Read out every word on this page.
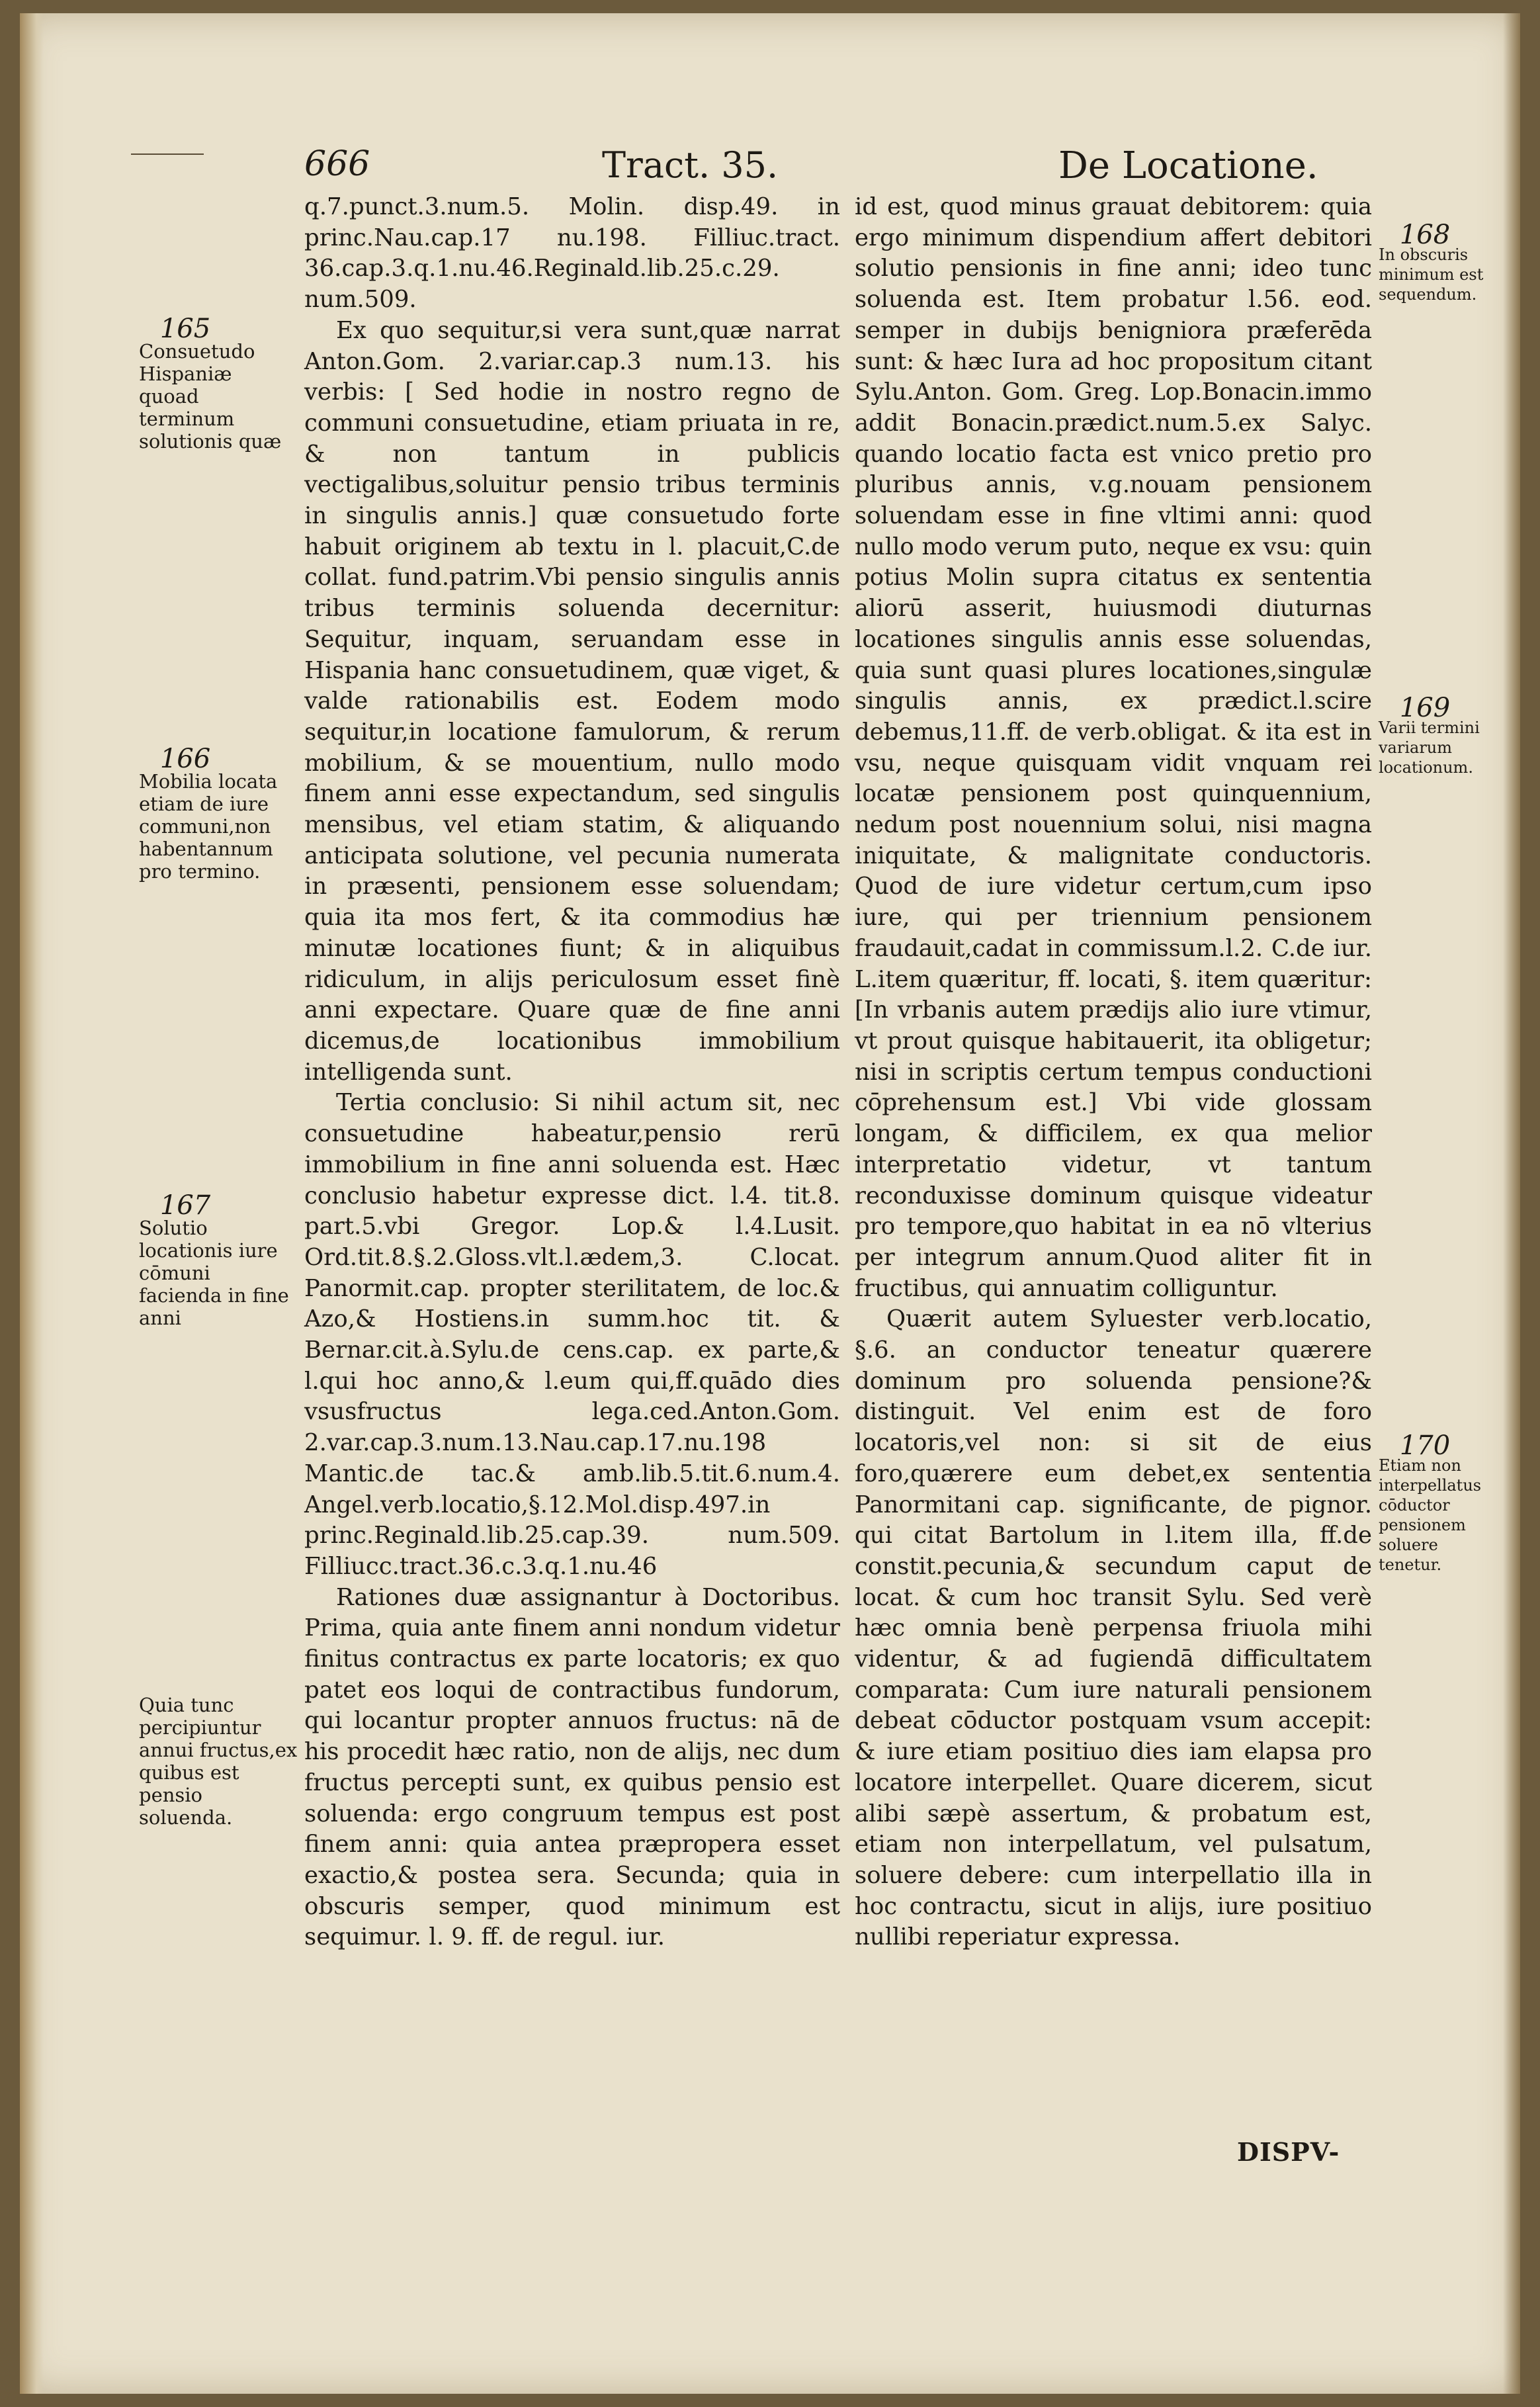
666	Tract. 35.	De Locatione.

q.7.punct.3.num.5. Molin. disp.49. in princ.Nau.cap.17 nu.198. Filliuc.tract. 36.cap.3.q.1.nu.46.Reginald.lib.25.c.29. num.509.

Ex quo sequitur,si vera sunt,quæ narrat Anton.Gom. 2.variar.cap.3 num.13. his verbis: [ Sed hodie in nostro regno de communi consuetudine, etiam priuata in re, & non tantum in publicis vectigalibus,soluitur pensio tribus terminis in singulis annis.] quæ consuetudo forte habuit originem ab textu in l. placuit,C.de collat. fund.patrim.Vbi pensio singulis annis tribus terminis soluenda decernitur: Sequitur, inquam, seruandam esse in Hispania hanc consuetudinem, quæ viget, & valde rationabilis est. Eodem modo sequitur,in locatione famulorum, & rerum mobilium, & se mouentium, nullo modo finem anni esse expectandum, sed singulis mensibus, vel etiam statim, & aliquando anticipata solutione, vel pecunia numerata in præsenti, pensionem esse soluendam; quia ita mos fert, & ita commodius hæ minutæ locationes fiunt; & in aliquibus ridiculum, in alijs periculosum esset finè anni expectare. Quare quæ de fine anni dicemus,de locationibus immobilium intelligenda sunt.

Tertia conclusio: Si nihil actum sit, nec consuetudine habeatur,pensio rerū immobilium in fine anni soluenda est. Hæc conclusio habetur expresse dict. l.4. tit.8. part.5.vbi Gregor. Lop.& l.4.Lusit. Ord.tit.8.§.2.Gloss.vlt.l.ædem,3. C.locat. Panormit.cap. propter sterilitatem, de loc.& Azo,& Hostiens.in summ.hoc tit. & Bernar.cit.à.Sylu.de cens.cap. ex parte,& l.qui hoc anno,& l.eum qui,ff.quādo dies vsusfructus lega.ced.Anton.Gom. 2.var.cap.3.num.13.Nau.cap.17.nu.198 Mantic.de tac.& amb.lib.5.tit.6.num.4. Angel.verb.locatio,§.12.Mol.disp.497.in princ.Reginald.lib.25.cap.39. num.509. Filliucc.tract.36.c.3.q.1.nu.46

Rationes duæ assignantur à Doctoribus. Prima, quia ante finem anni nondum videtur finitus contractus ex parte locatoris; ex quo patet eos loqui de contractibus fundorum, qui locantur propter annuos fructus: nā de his procedit hæc ratio, non de alijs, nec dum fructus percepti sunt, ex quibus pensio est soluenda: ergo congruum tempus est post finem anni: quia antea præpropera esset exactio,& postea sera. Secunda; quia in obscuris semper, quod minimum est sequimur. l. 9. ff. de regul. iur.

id est, quod minus grauat debitorem: quia ergo minimum dispendium affert debitori solutio pensionis in fine anni; ideo tunc soluenda est. Item probatur l.56. eod. semper in dubijs benigniora præferēda sunt: & hæc Iura ad hoc propositum citant Sylu.Anton. Gom. Greg. Lop.Bonacin.immo addit Bonacin.prædict.num.5.ex Salyc. quando locatio facta est vnico pretio pro pluribus annis, v.g.nouam pensionem soluendam esse in fine vltimi anni: quod nullo modo verum puto, neque ex vsu: quin potius Molin supra citatus ex sententia aliorū asserit, huiusmodi diuturnas locationes singulis annis esse soluendas, quia sunt quasi plures locationes,singulæ singulis annis, ex prædict.l.scire debemus,11.ff. de verb.obligat. & ita est in vsu, neque quisquam vidit vnquam rei locatæ pensionem post quinquennium, nedum post nouennium solui, nisi magna iniquitate, & malignitate conductoris. Quod de iure videtur certum,cum ipso iure, qui per triennium pensionem fraudauit,cadat in commissum.l.2. C.de iur. L.item quæritur, ff. locati, §. item quæritur: [In vrbanis autem prædijs alio iure vtimur, vt prout quisque habitauerit, ita obligetur; nisi in scriptis certum tempus conductioni cōprehensum est.] Vbi vide glossam longam, & difficilem, ex qua melior interpretatio videtur, vt tantum reconduxisse dominum quisque videatur pro tempore,quo habitat in ea nō vlterius per integrum annum.Quod aliter fit in fructibus, qui annuatim colliguntur.

Quærit autem Syluester verb.locatio, §.6. an conductor teneatur quærere dominum pro soluenda pensione?& distinguit. Vel enim est de foro locatoris,vel non: si sit de eius foro,quærere eum debet,ex sententia Panormitani cap. significante, de pignor. qui citat Bartolum in l.item illa, ff.de constit.pecunia,& secundum caput de locat. & cum hoc transit Sylu. Sed verè hæc omnia benè perpensa friuola mihi videntur, & ad fugiendā difficultatem comparata: Cum iure naturali pensionem debeat cōductor postquam vsum accepit: & iure etiam positiuo dies iam elapsa pro locatore interpellet. Quare dicerem, sicut alibi sæpè assertum, & probatum est, etiam non interpellatum, vel pulsatum, soluere debere: cum interpellatio illa in hoc contractu, sicut in alijs, iure positiuo nullibi reperiatur expressa.

165
Consuetudo Hispaniæ quoad terminum solutionis quæ
166
Mobilia locata etiam de iure communi,non habentannum pro termino.
167
Solutio locationis iure cōmuni facienda in fine anni
Quia tunc percipiuntur annui fructus,ex quibus est pensio soluenda.
168
In obscuris minimum est sequendum.
169
Varii termini variarum locationum.
170
Etiam non interpellatus cōductor pensionem soluere tenetur.
DISPV-
